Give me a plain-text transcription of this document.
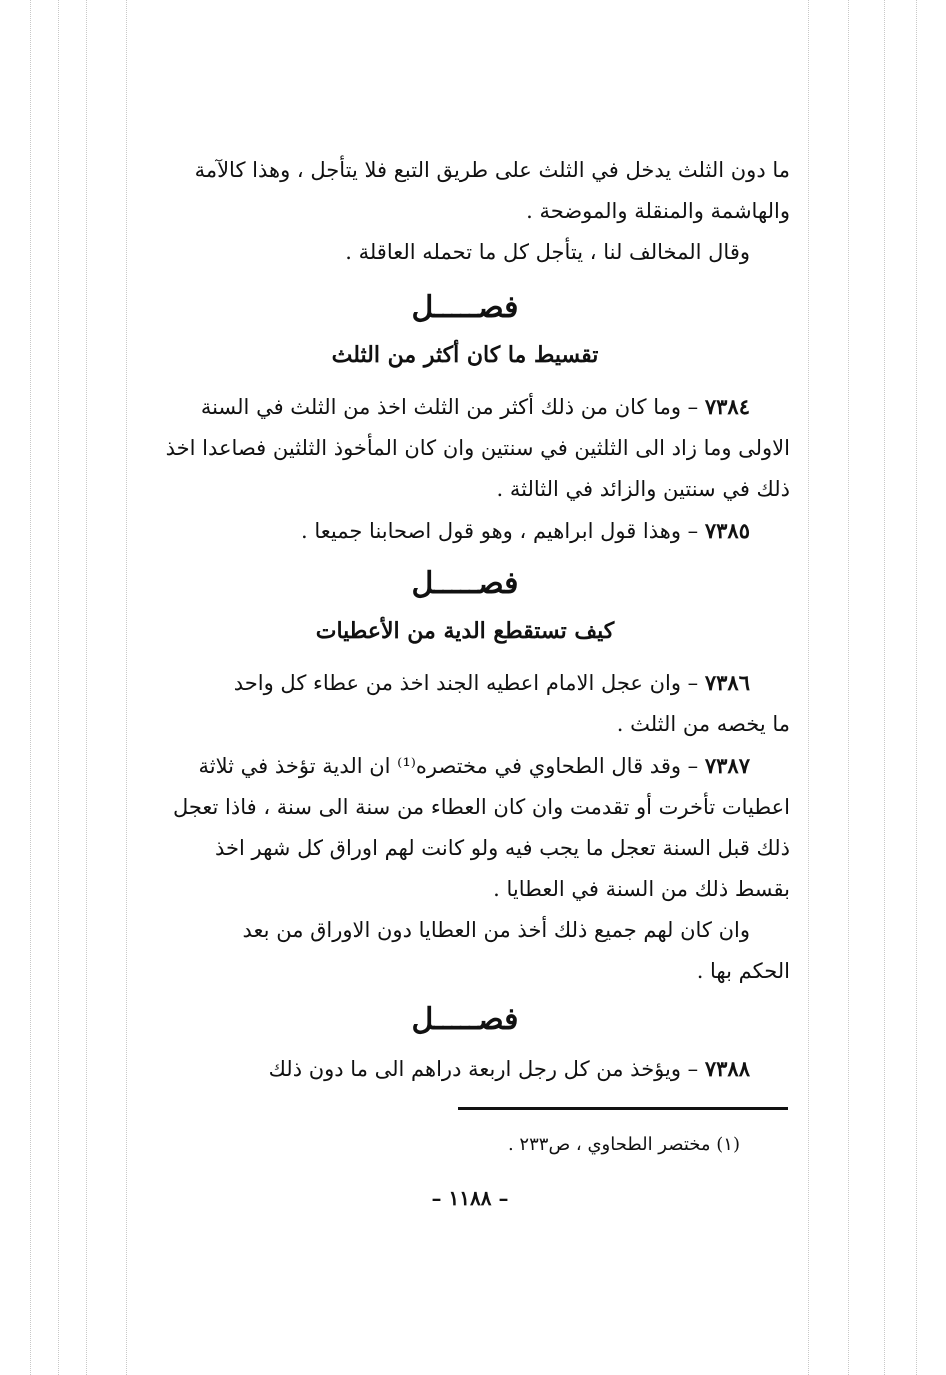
ما دون الثلث يدخل في الثلث على طريق التبع فلا يتأجل ، وهذا كالآمة
والهاشمة والمنقلة والموضحة .
وقال المخالف لنا ، يتأجل كل ما تحمله العاقلة .
فصـــــل
تقسيط ما كان أكثر من الثلث
٧٣٨٤ – وما كان من ذلك أكثر من الثلث اخذ من الثلث في السنة
الاولى وما زاد الى الثلثين في سنتين وان كان المأخوذ الثلثين فصاعدا اخذ
ذلك في سنتين والزائد في الثالثة .
٧٣٨٥ – وهذا قول ابراهيم ، وهو قول اصحابنا جميعا .
فصـــــل
كيف تستقطع الدية من الأعطيات
٧٣٨٦ – وان عجل الامام اعطيه الجند اخذ من عطاء كل واحد
ما يخصه من الثلث .
٧٣٨٧ – وقد قال الطحاوي في مختصره⁽¹⁾ ان الدية تؤخذ في ثلاثة
اعطيات تأخرت أو تقدمت وان كان العطاء من سنة الى سنة ، فاذا تعجل
ذلك قبل السنة تعجل ما يجب فيه ولو كانت لهم اوراق كل شهر اخذ
بقسط ذلك من السنة في العطايا .
وان كان لهم جميع ذلك أخذ من العطايا دون الاوراق من بعد
الحكم بها .
فصـــــل
٧٣٨٨ – ويؤخذ من كل رجل اربعة دراهم الى ما دون ذلك
(١) مختصر الطحاوي ، ص٢٣٣ .
– ١١٨٨ –
